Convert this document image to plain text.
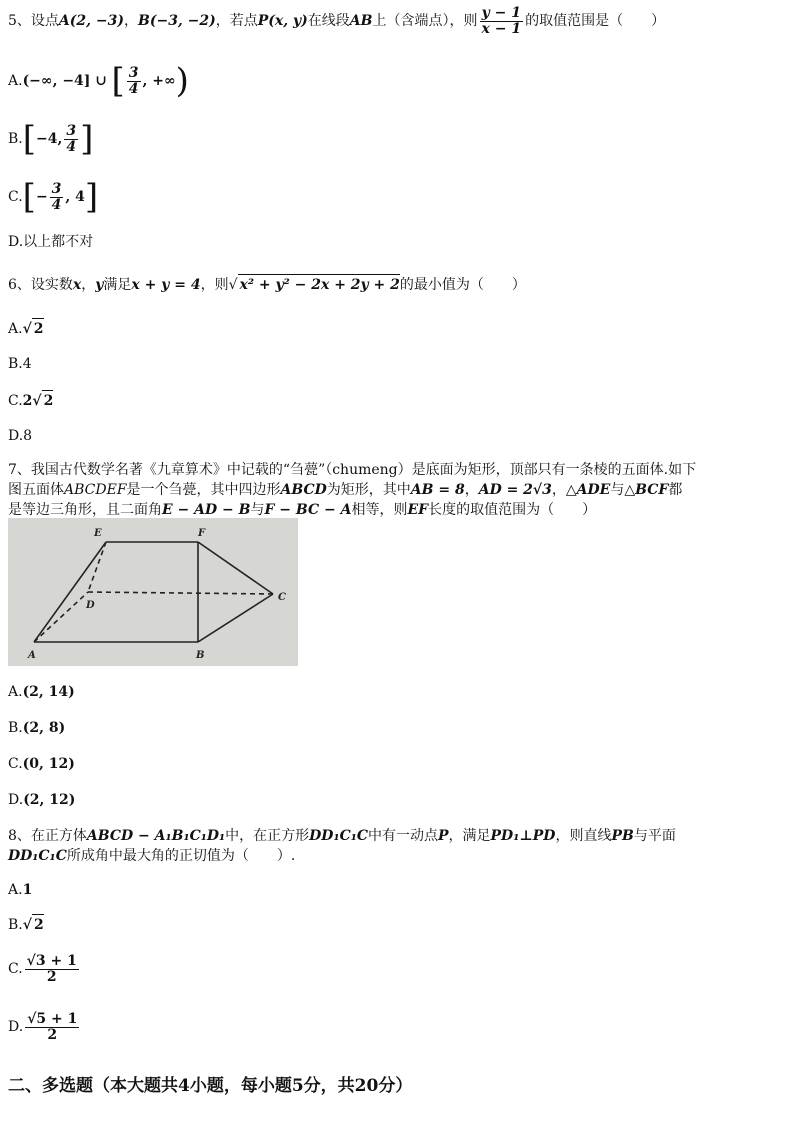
5、设点A(2, −3)，B(−3, −2)，若点P(x, y)在线段AB上（含端点），则 $\frac{y - 1}{x - 1}$ 的取值范围是（　　）
A.(−∞, −4] ∪ [ $\frac{3}{4}$ , +∞)
B.[−4, $\frac{3}{4}$ ]
$C.[- \frac{3}{4}$ , 4]
D.以上都不对
6、设实数x，y满足x + y = 4，则√ x² + y² − 2x + 2y + 2的最小值为（　　）
A.√ 2
B.4
C.2√ 2
D.8
7、我国古代数学名著《九章算术》中记载的“刍甍”（chumeng）是底面为矩形，顶部只有一条棱的五面体.如下
图五面体ABCDEF是一个刍甍，其中四边形ABCD为矩形，其中AB = 8，AD = 2√3，△ADE与△BCF都
是等边三角形，且二面角E − AD − B与F − BC − A相等，则EF长度的取值范围为（　　）
E	F
D
C
A	B
A.(2, 14)
B.(2, 8)
C.(0, 12)
D.(2, 12)
8、在正方体ABCD − A₁B₁C₁D₁中，在正方形DD₁C₁C中有一动点P，满足PD₁⊥PD，则直线PB与平面
DD₁C₁C所成角中最大角的正切值为（　　）.
A.1
B.√ 2
C. $\frac{√3 + 1}{2}$
D. $\frac{√5 + 1}{2}$
二、多选题（本大题共4小题，每小题5分，共20分）
